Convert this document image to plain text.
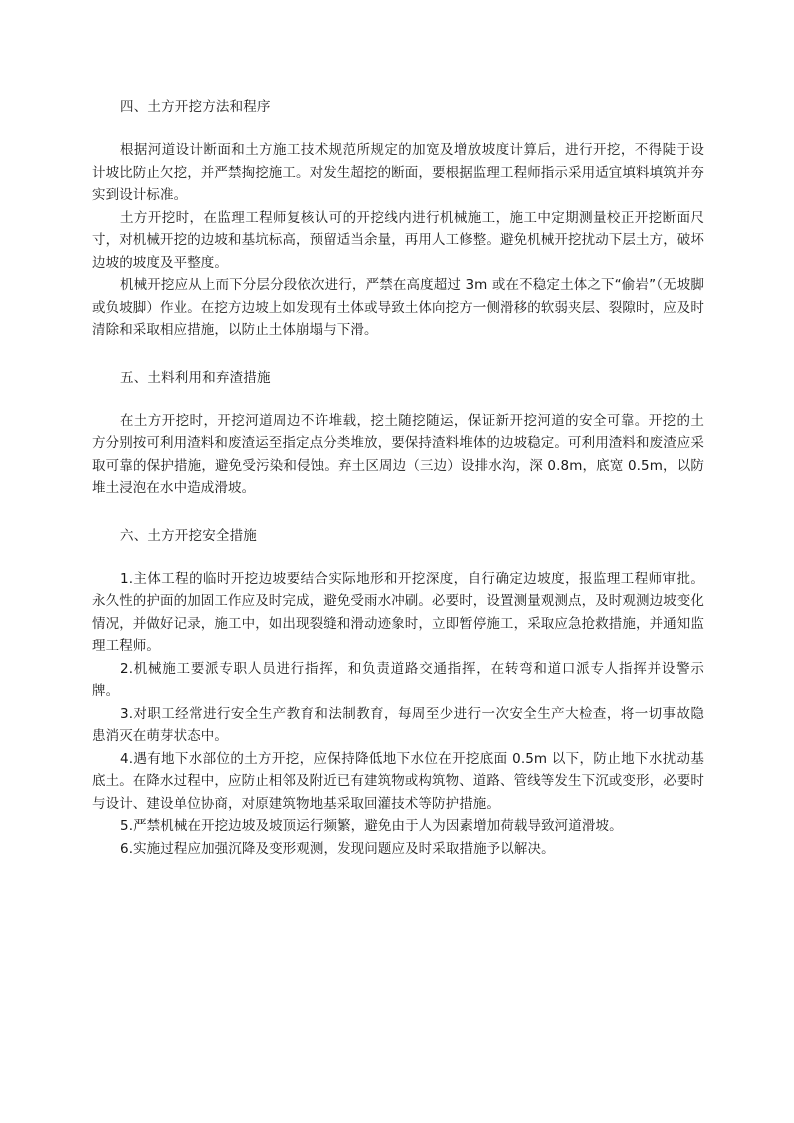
四、土方开挖方法和程序

根据河道设计断面和土方施工技术规范所规定的加宽及增放坡度计算后，进行开挖，不得陡于设计坡比防止欠挖，并严禁掏挖施工。对发生超挖的断面，要根据监理工程师指示采用适宜填料填筑并夯实到设计标准。

土方开挖时，在监理工程师复核认可的开挖线内进行机械施工，施工中定期测量校正开挖断面尺寸，对机械开挖的边坡和基坑标高，预留适当余量，再用人工修整。避免机械开挖扰动下层土方，破坏边坡的坡度及平整度。

机械开挖应从上而下分层分段依次进行，严禁在高度超过 3m 或在不稳定土体之下“偷岩”（无坡脚或负坡脚）作业。在挖方边坡上如发现有土体或导致土体向挖方一侧滑移的软弱夹层、裂隙时，应及时清除和采取相应措施，以防止土体崩塌与下滑。

五、土料利用和弃渣措施

在土方开挖时，开挖河道周边不许堆载，挖土随挖随运，保证新开挖河道的安全可靠。开挖的土方分别按可利用渣料和废渣运至指定点分类堆放，要保持渣料堆体的边坡稳定。可利用渣料和废渣应采取可靠的保护措施，避免受污染和侵蚀。弃土区周边（三边）设排水沟，深 0.8m，底宽 0.5m，以防堆土浸泡在水中造成滑坡。

六、土方开挖安全措施

1.主体工程的临时开挖边坡要结合实际地形和开挖深度，自行确定边坡度，报监理工程师审批。永久性的护面的加固工作应及时完成，避免受雨水冲刷。必要时，设置测量观测点，及时观测边坡变化情况，并做好记录，施工中，如出现裂缝和滑动迹象时，立即暂停施工，采取应急抢救措施，并通知监理工程师。

2.机械施工要派专职人员进行指挥，和负责道路交通指挥，在转弯和道口派专人指挥并设警示牌。

3.对职工经常进行安全生产教育和法制教育，每周至少进行一次安全生产大检查，将一切事故隐患消灭在萌芽状态中。

4.遇有地下水部位的土方开挖，应保持降低地下水位在开挖底面 0.5m 以下，防止地下水扰动基底土。在降水过程中，应防止相邻及附近已有建筑物或构筑物、道路、管线等发生下沉或变形，必要时与设计、建设单位协商，对原建筑物地基采取回灌技术等防护措施。

5.严禁机械在开挖边坡及坡顶运行频繁，避免由于人为因素增加荷载导致河道滑坡。

6.实施过程应加强沉降及变形观测，发现问题应及时采取措施予以解决。
